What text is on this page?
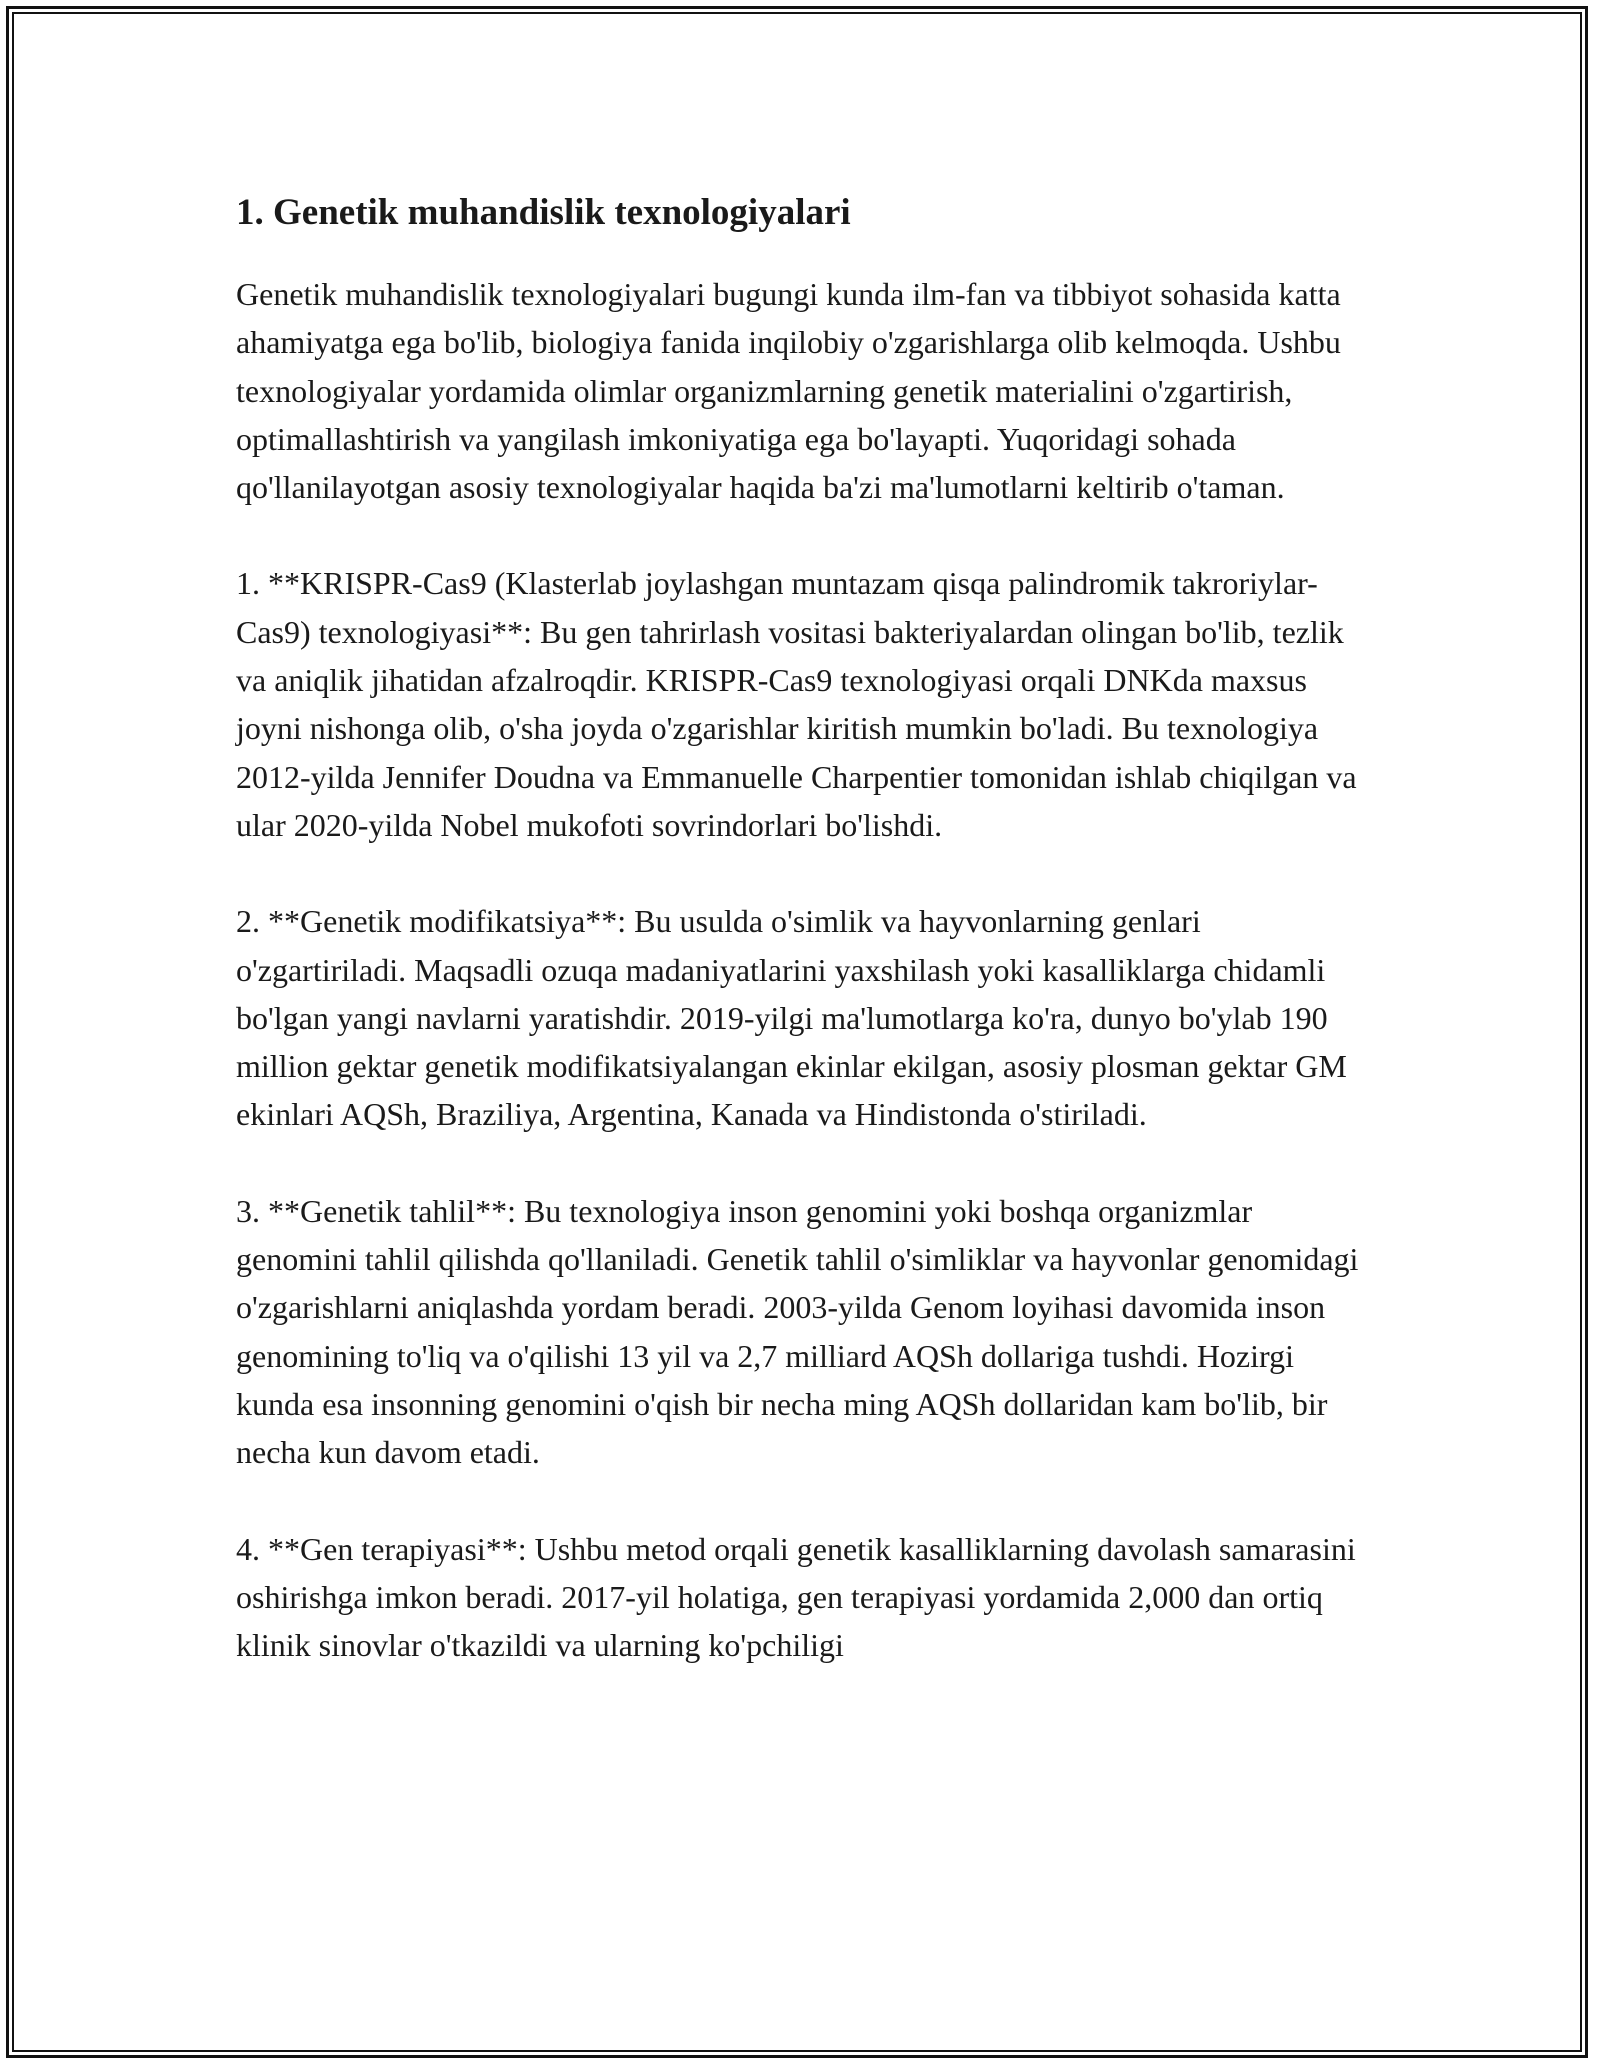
1. Genetik muhandislik texnologiyalari

Genetik muhandislik texnologiyalari bugungi kunda ilm-fan va tibbiyot sohasida katta ahamiyatga ega bo'lib, biologiya fanida inqilobiy o'zgarishlarga olib kelmoqda. Ushbu texnologiyalar yordamida olimlar organizmlarning genetik materialini o'zgartirish, optimallashtirish va yangilash imkoniyatiga ega bo'layapti. Yuqoridagi sohada qo'llanilayotgan asosiy texnologiyalar haqida ba'zi ma'lumotlarni keltirib o'taman.

1. **KRISPR-Cas9 (Klasterlab joylashgan muntazam qisqa palindromik takroriylar-Cas9) texnologiyasi**: Bu gen tahrirlash vositasi bakteriyalardan olingan bo'lib, tezlik va aniqlik jihatidan afzalroqdir. KRISPR-Cas9 texnologiyasi orqali DNKda maxsus joyni nishonga olib, o'sha joyda o'zgarishlar kiritish mumkin bo'ladi. Bu texnologiya 2012-yilda Jennifer Doudna va Emmanuelle Charpentier tomonidan ishlab chiqilgan va ular 2020-yilda Nobel mukofoti sovrindorlari bo'lishdi.

2. **Genetik modifikatsiya**: Bu usulda o'simlik va hayvonlarning genlari o'zgartiriladi. Maqsadli ozuqa madaniyatlarini yaxshilash yoki kasalliklarga chidamli bo'lgan yangi navlarni yaratishdir. 2019-yilgi ma'lumotlarga ko'ra, dunyo bo'ylab 190 million gektar genetik modifikatsiyalangan ekinlar ekilgan, asosiy plosman gektar GM ekinlari AQSh, Braziliya, Argentina, Kanada va Hindistonda o'stiriladi.

3. **Genetik tahlil**: Bu texnologiya inson genomini yoki boshqa organizmlar genomini tahlil qilishda qo'llaniladi. Genetik tahlil o'simliklar va hayvonlar genomidagi o'zgarishlarni aniqlashda yordam beradi. 2003-yilda Genom loyihasi davomida inson genomining to'liq va o'qilishi 13 yil va 2,7 milliard AQSh dollariga tushdi. Hozirgi kunda esa insonning genomini o'qish bir necha ming AQSh dollaridan kam bo'lib, bir necha kun davom etadi.

4. **Gen terapiyasi**: Ushbu metod orqali genetik kasalliklarning davolash samarasini oshirishga imkon beradi. 2017-yil holatiga, gen terapiyasi yordamida 2,000 dan ortiq klinik sinovlar o'tkazildi va ularning ko'pchiligi
